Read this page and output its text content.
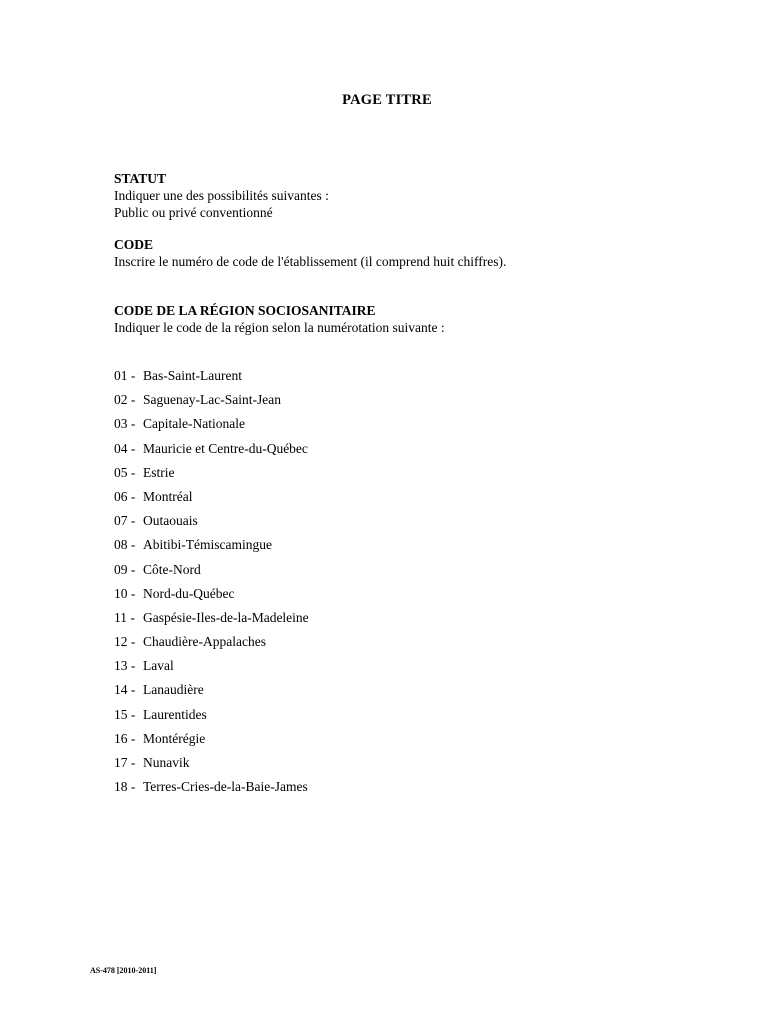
PAGE TITRE
STATUT
Indiquer une des possibilités suivantes :
Public ou privé conventionné
CODE
Inscrire le numéro de code de l'établissement (il comprend huit chiffres).
CODE DE LA RÉGION SOCIOSANITAIRE
Indiquer le code de la région selon la numérotation suivante :
01 - Bas-Saint-Laurent
02 - Saguenay-Lac-Saint-Jean
03 - Capitale-Nationale
04 - Mauricie et Centre-du-Québec
05 - Estrie
06 - Montréal
07 - Outaouais
08 - Abitibi-Témiscamingue
09 - Côte-Nord
10 - Nord-du-Québec
11 - Gaspésie-Iles-de-la-Madeleine
12 - Chaudière-Appalaches
13 - Laval
14 - Lanaudière
15 - Laurentides
16 - Montérégie
17 - Nunavik
18 - Terres-Cries-de-la-Baie-James
AS-478 [2010-2011]
